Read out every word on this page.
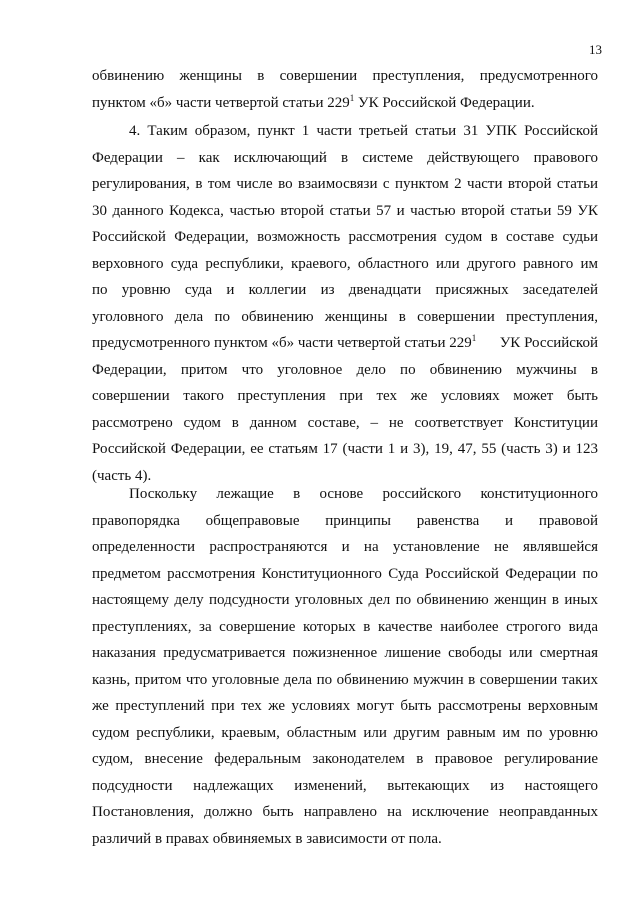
13
обвинению женщины в совершении преступления, предусмотренного
пунктом «б» части четвертой статьи $229^1$ УК Российской Федерации.
4. Таким образом, пункт 1 части третьей статьи 31 УПК Российской
Федерации – как исключающий в системе действующего правового
регулирования, в том числе во взаимосвязи с пунктом 2 части второй статьи
30 данного Кодекса, частью второй статьи 57 и частью второй статьи 59 УК
Российской Федерации, возможность рассмотрения судом в составе судьи
верховного суда республики, краевого, областного или другого равного им
по уровню суда и коллегии из двенадцати присяжных заседателей
уголовного дела по обвинению женщины в совершении преступления,
предусмотренного пунктом «б» части четвертой статьи $229^1$ УК Российской
Федерации, притом что уголовное дело по обвинению мужчины в
совершении такого преступления при тех же условиях может быть
рассмотрено судом в данном составе, – не соответствует Конституции
Российской Федерации, ее статьям 17 (части 1 и 3), 19, 47, 55 (часть 3) и 123
(часть 4).
Поскольку лежащие в основе российского конституционного
правопорядка общеправовые принципы равенства и правовой
определенности распространяются и на установление не являвшейся
предметом рассмотрения Конституционного Суда Российской Федерации по
настоящему делу подсудности уголовных дел по обвинению женщин в иных
преступлениях, за совершение которых в качестве наиболее строгого вида
наказания предусматривается пожизненное лишение свободы или смертная
казнь, притом что уголовные дела по обвинению мужчин в совершении таких
же преступлений при тех же условиях могут быть рассмотрены верховным
судом республики, краевым, областным или другим равным им по уровню
судом, внесение федеральным законодателем в правовое регулирование
подсудности надлежащих изменений, вытекающих из настоящего
Постановления, должно быть направлено на исключение неоправданных
различий в правах обвиняемых в зависимости от пола.
